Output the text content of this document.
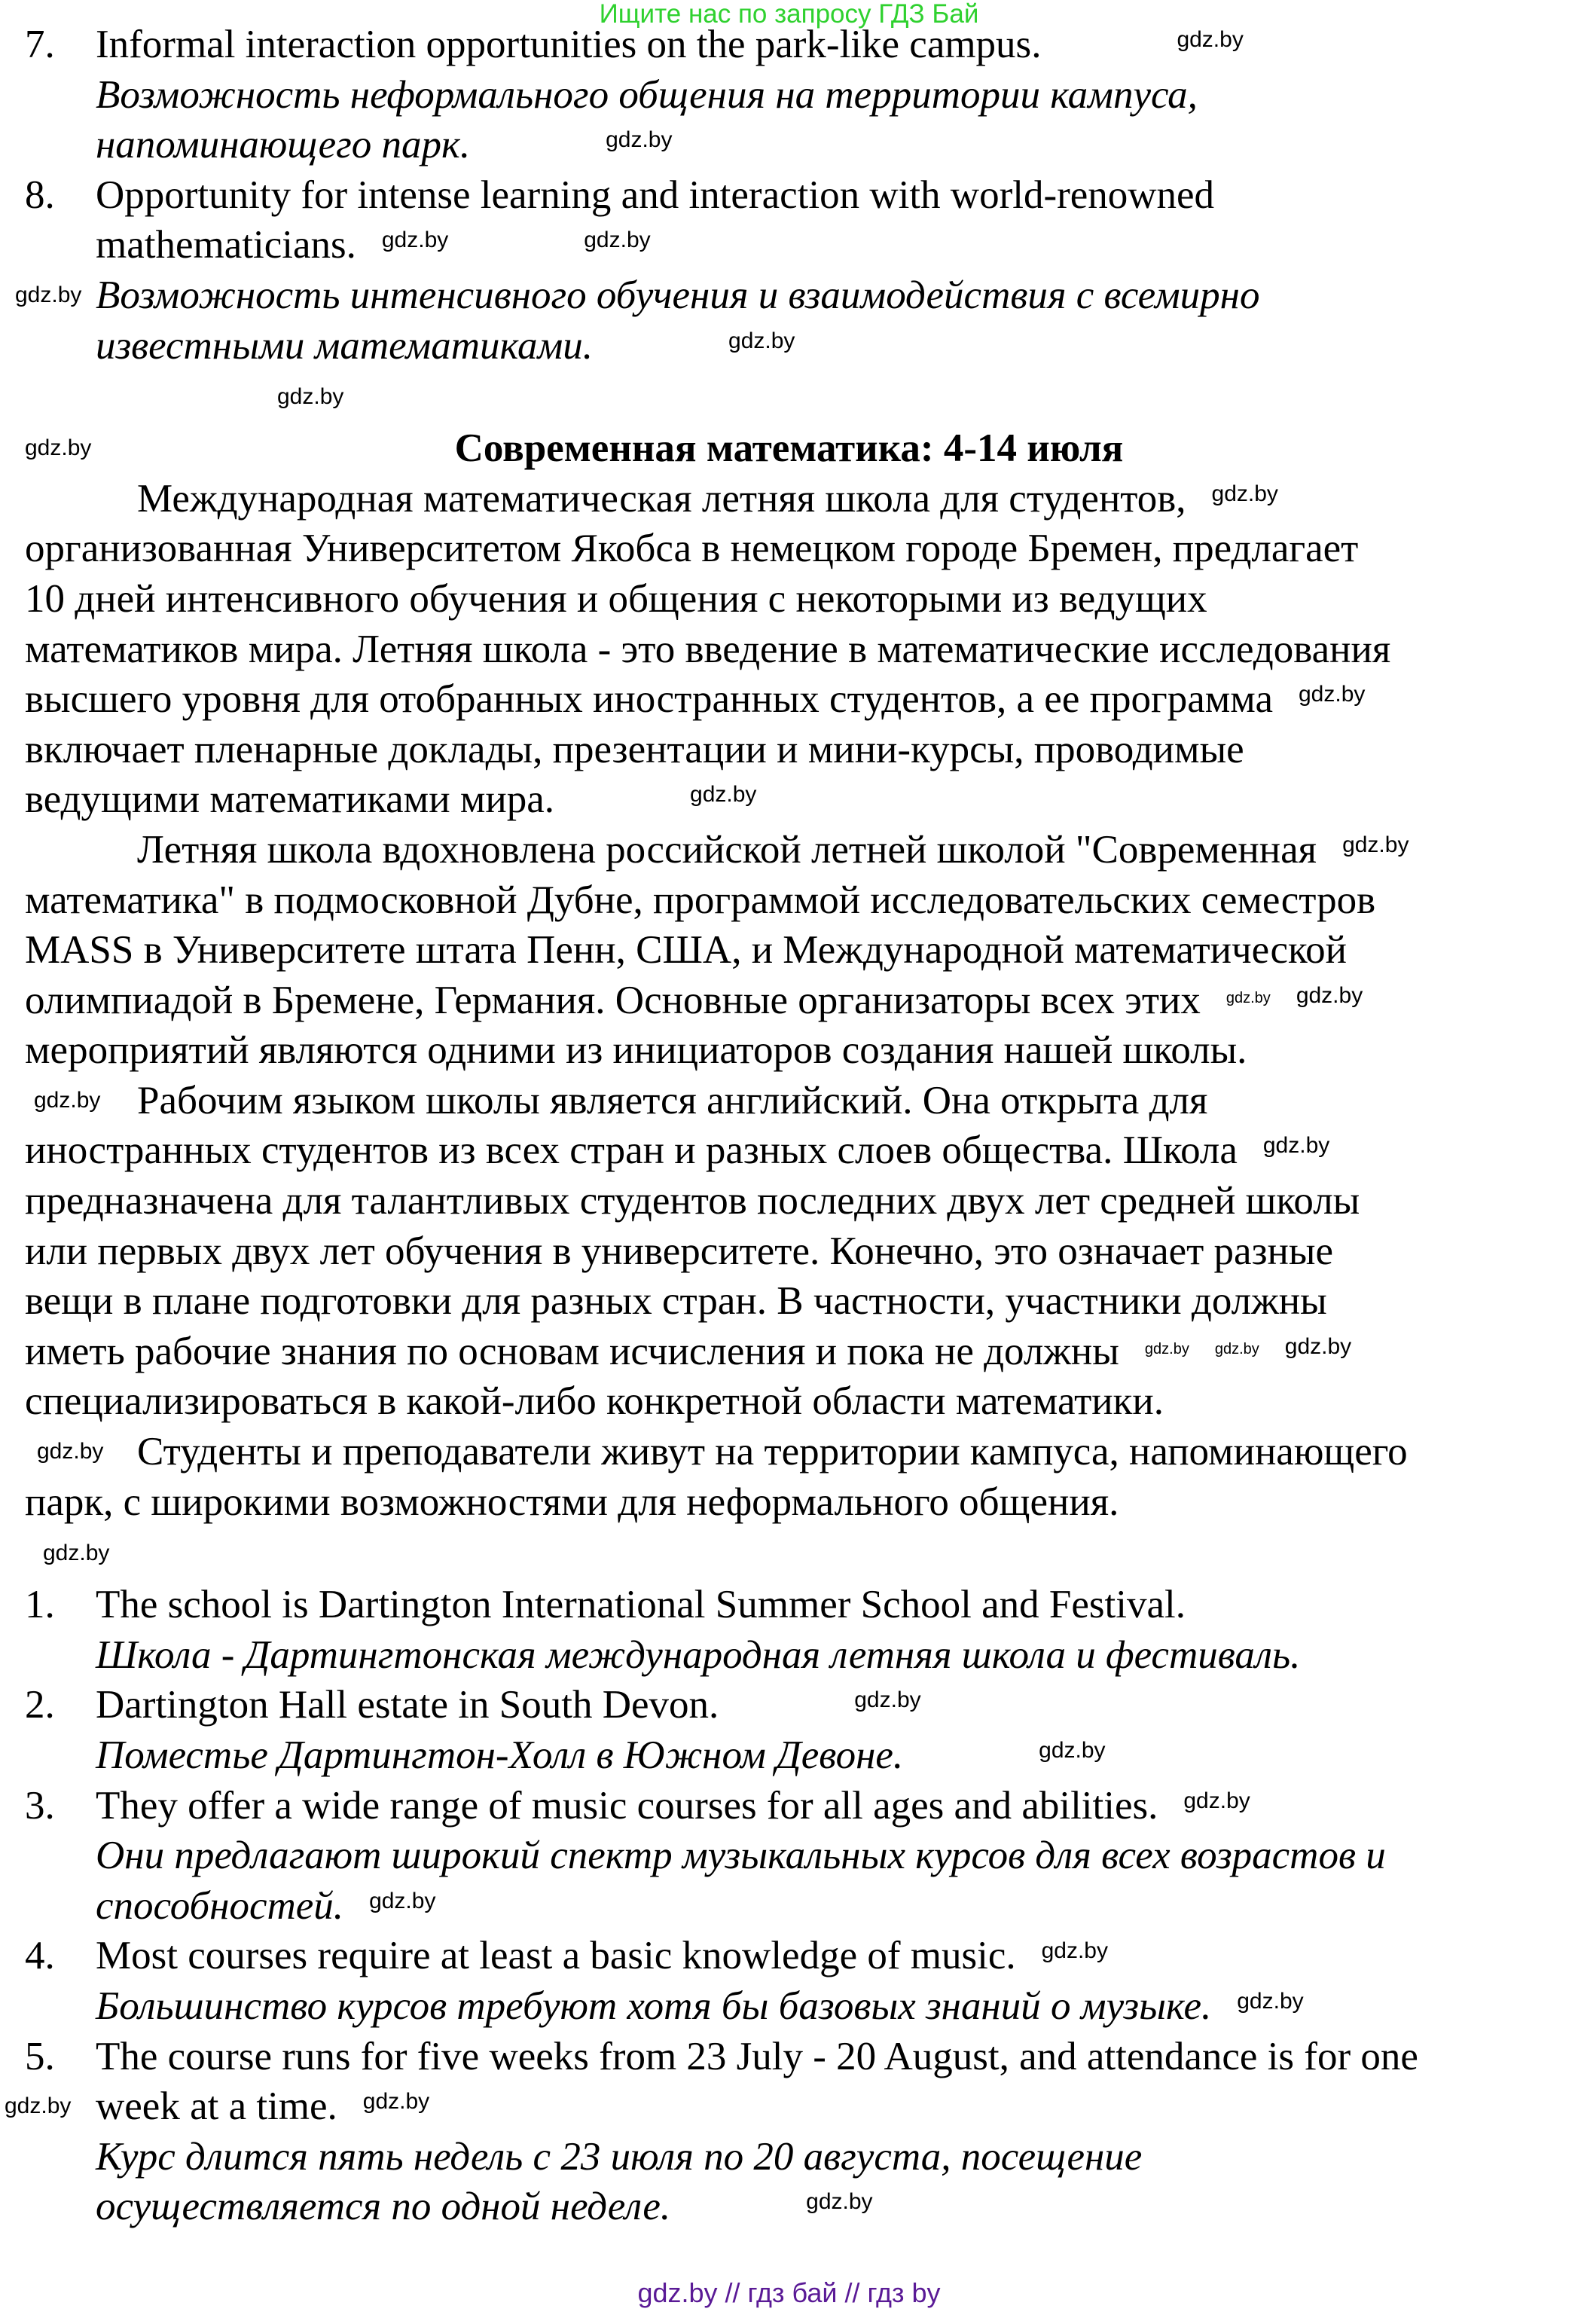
Ищите нас по запросу ГДЗ Бай
7. Informal interaction opportunities on the park-like campus.	gdz.by
Возможность неформального общения на территории кампуса,
напоминающего парк.	gdz.by
8. Opportunity for intense learning and interaction with world-renowned
mathematicians. gdz.by	gdz.by
gdz.by Возможность интенсивного обучения и взаимодействия с всемирно
известными математиками.	gdz.by
gdz.by
gdz.by	Современная математика: 4-14 июля
Международная математическая летняя школа для студентов, gdz.by
организованная Университетом Якобса в немецком городе Бремен, предлагает
10 дней интенсивного обучения и общения с некоторыми из ведущих
математиков мира. Летняя школа - это введение в математические исследования
высшего уровня для отобранных иностранных студентов, а ее программа gdz.by
включает пленарные доклады, презентации и мини-курсы, проводимые
ведущими математиками мира.	gdz.by
Летняя школа вдохновлена российской летней школой "Современная gdz.by
математика" в подмосковной Дубне, программой исследовательских семестров
MASS в Университете штата Пенн, США, и Международной математической
олимпиадой в Бремене, Германия. Основные организаторы всех этих gdz.by gdz.by
мероприятий являются одними из инициаторов создания нашей школы.
gdz.by Рабочим языком школы является английский. Она открыта для
иностранных студентов из всех стран и разных слоев общества. Школа gdz.by
предназначена для талантливых студентов последних двух лет средней школы
или первых двух лет обучения в университете. Конечно, это означает разные
вещи в плане подготовки для разных стран. В частности, участники должны
иметь рабочие знания по основам исчисления и пока не должны gdz.by gdz.by gdz.by
специализироваться в какой-либо конкретной области математики.
gdz.by Студенты и преподаватели живут на территории кампуса, напоминающего
парк, с широкими возможностями для неформального общения.
gdz.by
1. The school is Dartington International Summer School and Festival.
Школа - Дартингтонская международная летняя школа и фестиваль.
2. Dartington Hall estate in South Devon.	gdz.by
Поместье Дартингтон-Холл в Южном Девоне.	gdz.by
3. They offer a wide range of music courses for all ages and abilities. gdz.by
Они предлагают широкий спектр музыкальных курсов для всех возрастов и
способностей. gdz.by
4. Most courses require at least a basic knowledge of music. gdz.by
Большинство курсов требуют хотя бы базовых знаний о музыке. gdz.by
5. The course runs for five weeks from 23 July - 20 August, and attendance is for one
gdz.by week at a time. gdz.by
Курс длится пять недель с 23 июля по 20 августа, посещение
осуществляется по одной неделе.	gdz.by
gdz.by // гдз бай // гдз by
